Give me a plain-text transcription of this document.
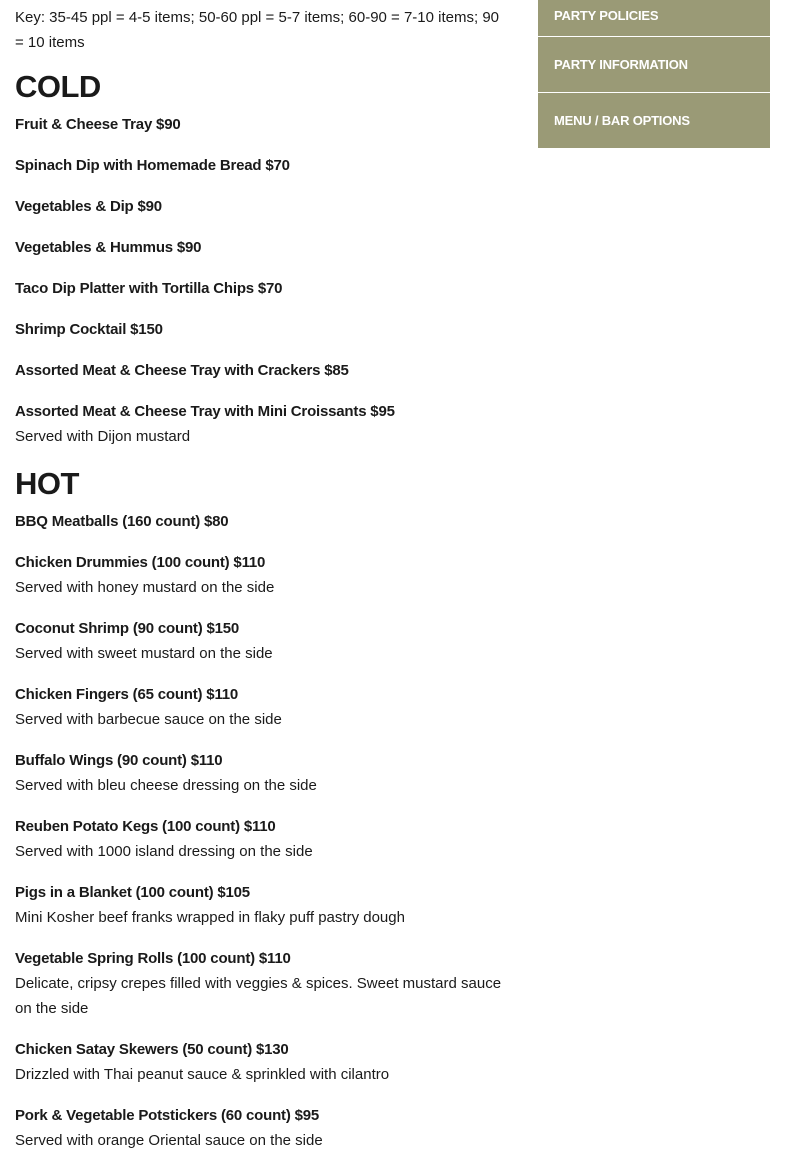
Key: 35-45 ppl = 4-5 items; 50-60 ppl = 5-7 items; 60-90 = 7-10 items; 90 = 10 items

COLD
Fruit & Cheese Tray $90
Spinach Dip with Homemade Bread $70
Vegetables & Dip $90
Vegetables & Hummus $90
Taco Dip Platter with Tortilla Chips $70
Shrimp Cocktail $150
Assorted Meat & Cheese Tray with Crackers $85
Assorted Meat & Cheese Tray with Mini Croissants $95
Served with Dijon mustard
HOT
BBQ Meatballs (160 count) $80
Chicken Drummies (100 count) $110
Served with honey mustard on the side
Coconut Shrimp (90 count) $150
Served with sweet mustard on the side
Chicken Fingers (65 count) $110
Served with barbecue sauce on the side
Buffalo Wings (90 count) $110
Served with bleu cheese dressing on the side
Reuben Potato Kegs (100 count) $110
Served with 1000 island dressing on the side
Pigs in a Blanket (100 count) $105
Mini Kosher beef franks wrapped in flaky puff pastry dough
Vegetable Spring Rolls (100 count) $110
Delicate, cripsy crepes filled with veggies & spices. Sweet mustard sauce on the side
Chicken Satay Skewers (50 count) $130
Drizzled with Thai peanut sauce & sprinkled with cilantro
Pork & Vegetable Potstickers (60 count) $95
Served with orange Oriental sauce on the side
PARTY POLICIES
PARTY INFORMATION
MENU / BAR OPTIONS
